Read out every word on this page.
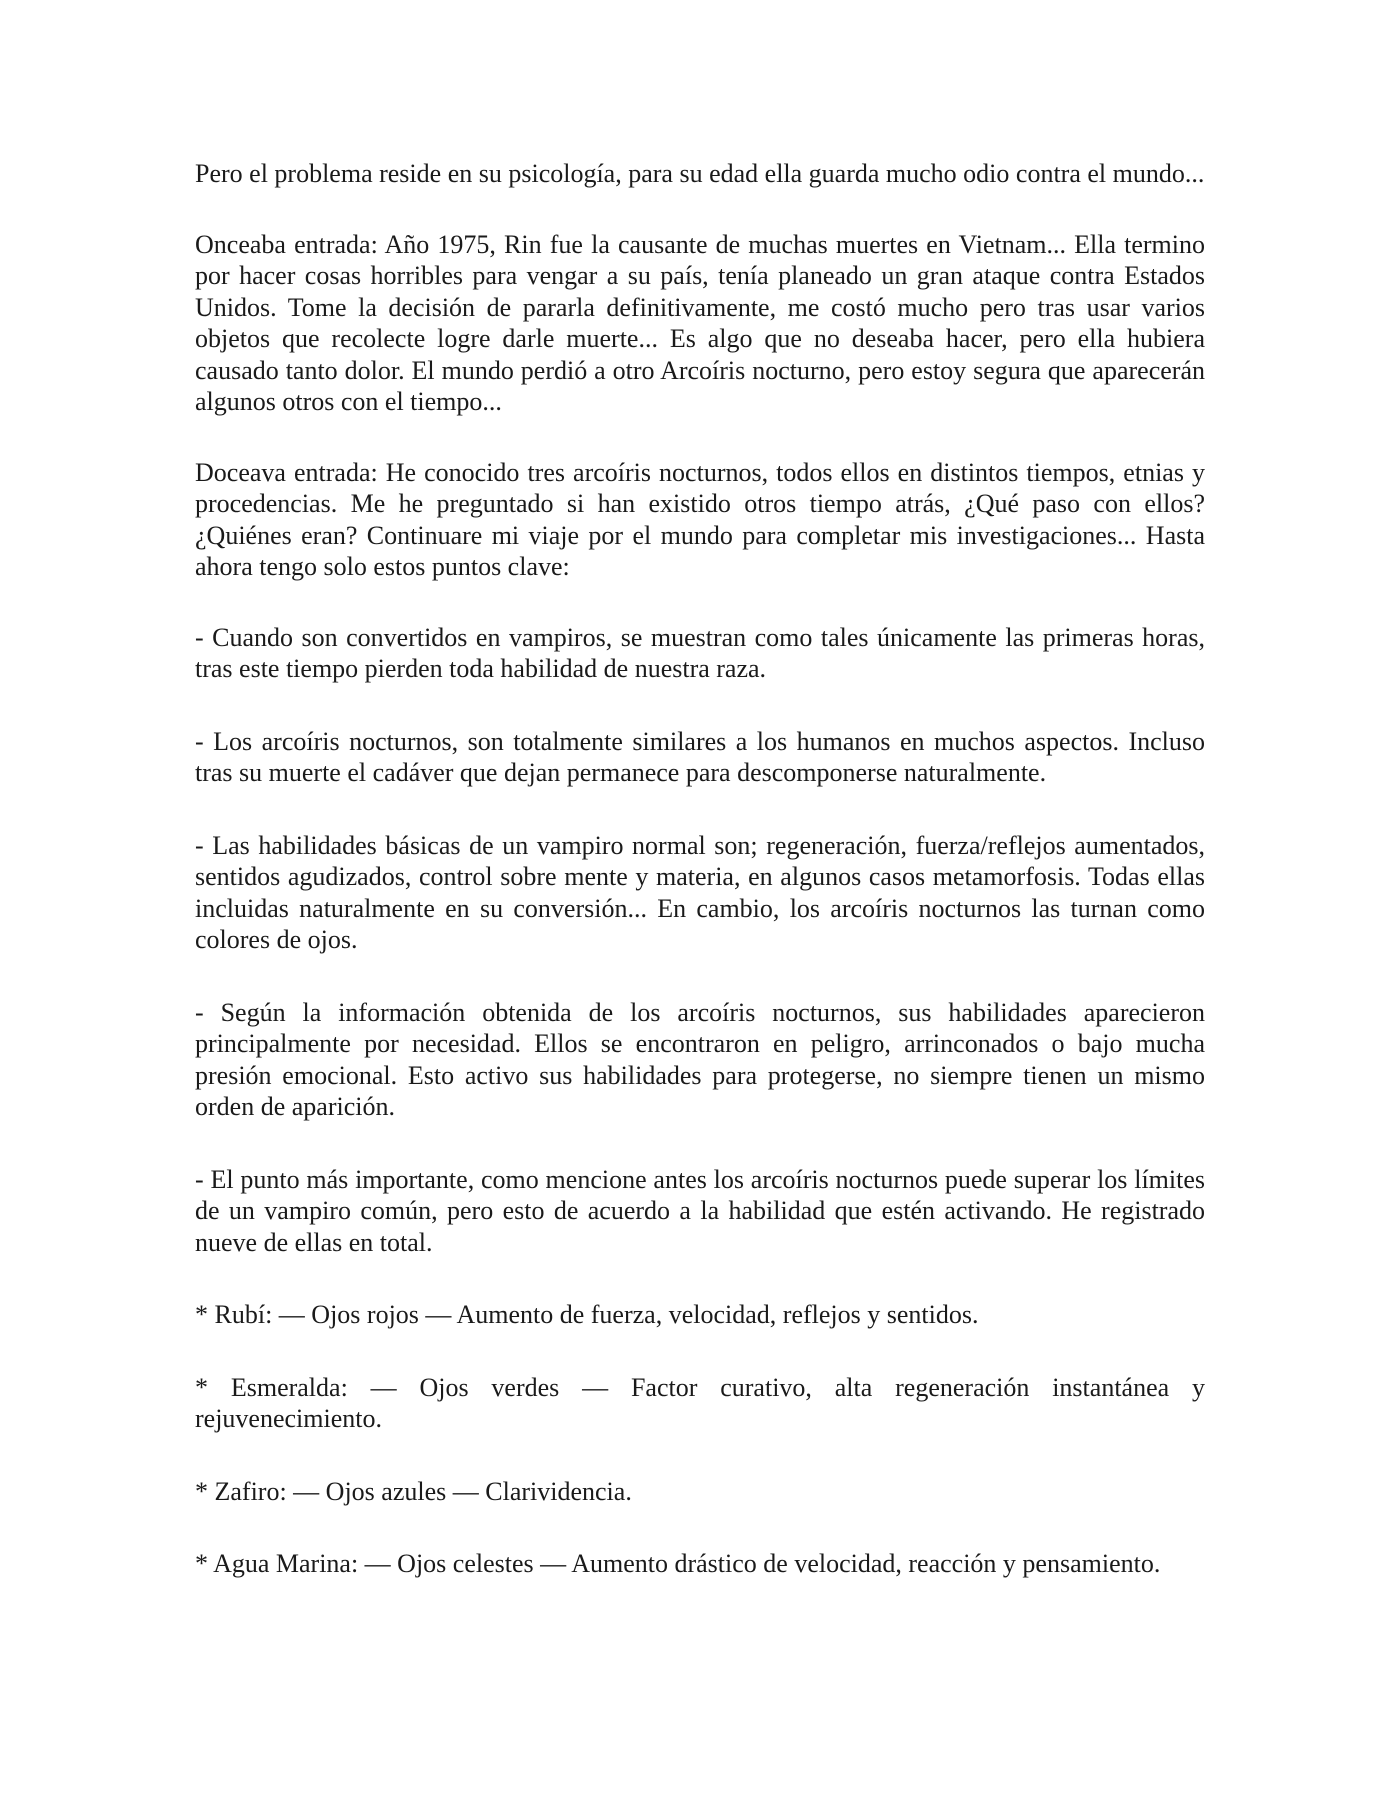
Pero el problema reside en su psicología, para su edad ella guarda mucho odio contra el mundo...

Onceaba entrada: Año 1975, Rin fue la causante de muchas muertes en Vietnam... Ella termino por hacer cosas horribles para vengar a su país, tenía planeado un gran ataque contra Estados Unidos. Tome la decisión de pararla definitivamente, me costó mucho pero tras usar varios objetos que recolecte logre darle muerte... Es algo que no deseaba hacer, pero ella hubiera causado tanto dolor. El mundo perdió a otro Arcoíris nocturno, pero estoy segura que aparecerán algunos otros con el tiempo...

Doceava entrada: He conocido tres arcoíris nocturnos, todos ellos en distintos tiempos, etnias y procedencias. Me he preguntado si han existido otros tiempo atrás, ¿Qué paso con ellos? ¿Quiénes eran? Continuare mi viaje por el mundo para completar mis investigaciones... Hasta ahora tengo solo estos puntos clave:

- Cuando son convertidos en vampiros, se muestran como tales únicamente las primeras horas, tras este tiempo pierden toda habilidad de nuestra raza.

- Los arcoíris nocturnos, son totalmente similares a los humanos en muchos aspectos. Incluso tras su muerte el cadáver que dejan permanece para descomponerse naturalmente.

- Las habilidades básicas de un vampiro normal son; regeneración, fuerza/reflejos aumentados, sentidos agudizados, control sobre mente y materia, en algunos casos metamorfosis. Todas ellas incluidas naturalmente en su conversión... En cambio, los arcoíris nocturnos las turnan como colores de ojos.

- Según la información obtenida de los arcoíris nocturnos, sus habilidades aparecieron principalmente por necesidad. Ellos se encontraron en peligro, arrinconados o bajo mucha presión emocional. Esto activo sus habilidades para protegerse, no siempre tienen un mismo orden de aparición.

- El punto más importante, como mencione antes los arcoíris nocturnos puede superar los límites de un vampiro común, pero esto de acuerdo a la habilidad que estén activando. He registrado nueve de ellas en total.

* Rubí: — Ojos rojos — Aumento de fuerza, velocidad, reflejos y sentidos.

* Esmeralda: — Ojos verdes — Factor curativo, alta regeneración instantánea y rejuvenecimiento.

* Zafiro: — Ojos azules — Clarividencia.

* Agua Marina: — Ojos celestes — Aumento drástico de velocidad, reacción y pensamiento.
